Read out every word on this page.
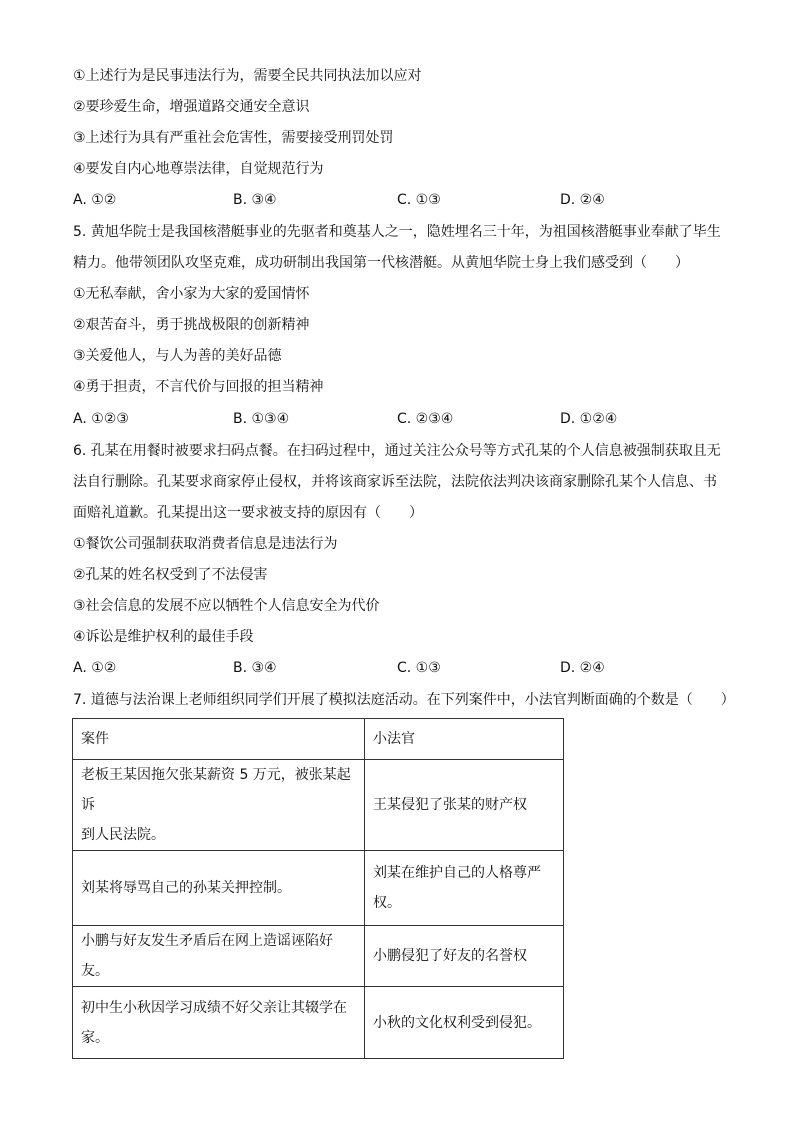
①上述行为是民事违法行为，需要全民共同执法加以应对
②要珍爱生命，增强道路交通安全意识
③上述行为具有严重社会危害性，需要接受刑罚处罚
④要发自内心地尊崇法律，自觉规范行为
A. ①②	B. ③④	C. ①③	D. ②④
5. 黄旭华院士是我国核潜艇事业的先驱者和奠基人之一，隐姓埋名三十年，为祖国核潜艇事业奉献了毕生
精力。他带领团队攻坚克难，成功研制出我国第一代核潜艇。从黄旭华院士身上我们感受到（　　）
①无私奉献，舍小家为大家的爱国情怀
②艰苦奋斗，勇于挑战极限的创新精神
③关爱他人，与人为善的美好品德
④勇于担责，不言代价与回报的担当精神
A. ①②③	B. ①③④	C. ②③④	D. ①②④
6. 孔某在用餐时被要求扫码点餐。在扫码过程中，通过关注公众号等方式孔某的个人信息被强制获取且无
法自行删除。孔某要求商家停止侵权，并将该商家诉至法院，法院依法判决该商家删除孔某个人信息、书
面赔礼道歉。孔某提出这一要求被支持的原因有（　　）
①餐饮公司强制获取消费者信息是违法行为
②孔某的姓名权受到了不法侵害
③社会信息的发展不应以牺牲个人信息安全为代价
④诉讼是维护权利的最佳手段
A. ①②	B. ③④	C. ①③	D. ②④
7. 道德与法治课上老师组织同学们开展了模拟法庭活动。在下列案件中，小法官判断面确的个数是（　　）
案件	小法官

老板王某因拖欠张某薪资 5 万元，被张某起诉
到人民法院。	王某侵犯了张某的财产权

刘某将辱骂自己的孙某关押控制。	刘某在维护自己的人格尊严
权。

小鹏与好友发生矛盾后在网上造谣诬陷好友。	小鹏侵犯了好友的名誉权

初中生小秋因学习成绩不好父亲让其辍学在
家。	小秋的文化权利受到侵犯。
